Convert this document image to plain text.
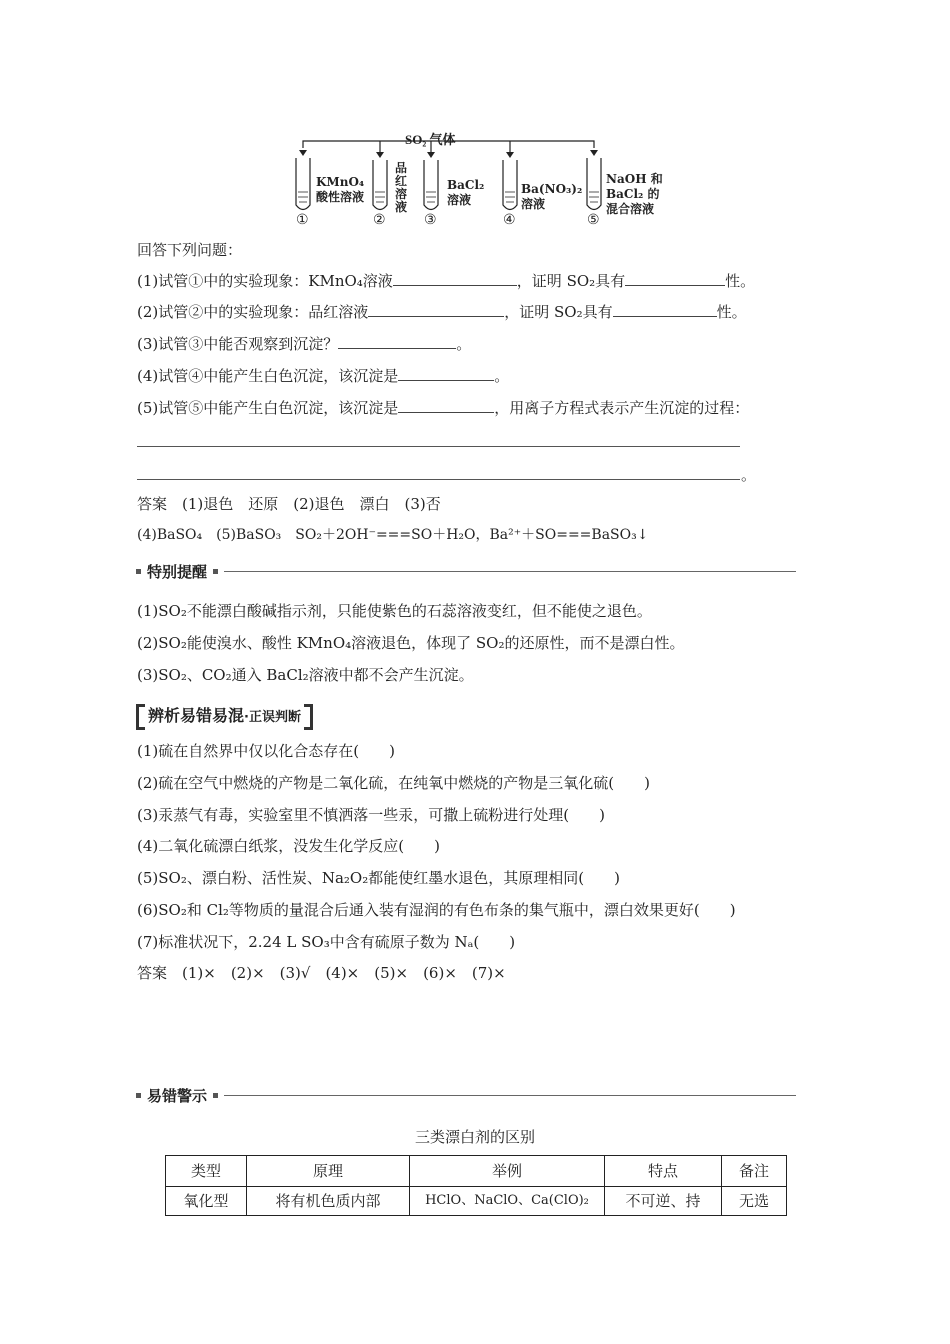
SO₂ 气体
KMnO₄
酸性溶液
品
红
溶
液
BaCl₂
溶液
Ba(NO₃)₂
溶液
NaOH 和
BaCl₂ 的
混合溶液
①	②	③	④	⑤
回答下列问题：
(1)试管①中的实验现象：KMnO₄溶液	，证明 SO₂具有	性。
(2)试管②中的实验现象：品红溶液	，证明 SO₂具有	性。
(3)试管③中能否观察到沉淀？	。
(4)试管④中能产生白色沉淀，该沉淀是	。
(5)试管⑤中能产生白色沉淀，该沉淀是	，用离子方程式表示产生沉淀的过程：
。
答案　(1)退色　还原　(2)退色　漂白　(3)否
(4)BaSO₄　(5)BaSO₃　SO₂＋2OH⁻===SO＋H₂O，Ba²⁺＋SO===BaSO₃↓
特别提醒
(1)SO₂不能漂白酸碱指示剂，只能使紫色的石蕊溶液变红，但不能使之退色。
(2)SO₂能使溴水、酸性 KMnO₄溶液退色，体现了 SO₂的还原性，而不是漂白性。
(3)SO₂、CO₂通入 BaCl₂溶液中都不会产生沉淀。
辨析易错易混·正误判断
(1)硫在自然界中仅以化合态存在(　　)
(2)硫在空气中燃烧的产物是二氧化硫，在纯氧中燃烧的产物是三氧化硫(　　)
(3)汞蒸气有毒，实验室里不慎洒落一些汞，可撒上硫粉进行处理(　　)
(4)二氧化硫漂白纸浆，没发生化学反应(　　)
(5)SO₂、漂白粉、活性炭、Na₂O₂都能使红墨水退色，其原理相同(　　)
(6)SO₂和 Cl₂等物质的量混合后通入装有湿润的有色布条的集气瓶中，漂白效果更好(　　)
(7)标准状况下，2.24 L SO₃中含有硫原子数为 Nₐ(　　)
答案　(1)×　(2)×　(3)√　(4)×　(5)×　(6)×　(7)×
易错警示
三类漂白剂的区别
类型	原理	举例	特点	备注
氧化型	将有机色质内部	HClO、NaClO、Ca(ClO)₂	不可逆、持	无选
